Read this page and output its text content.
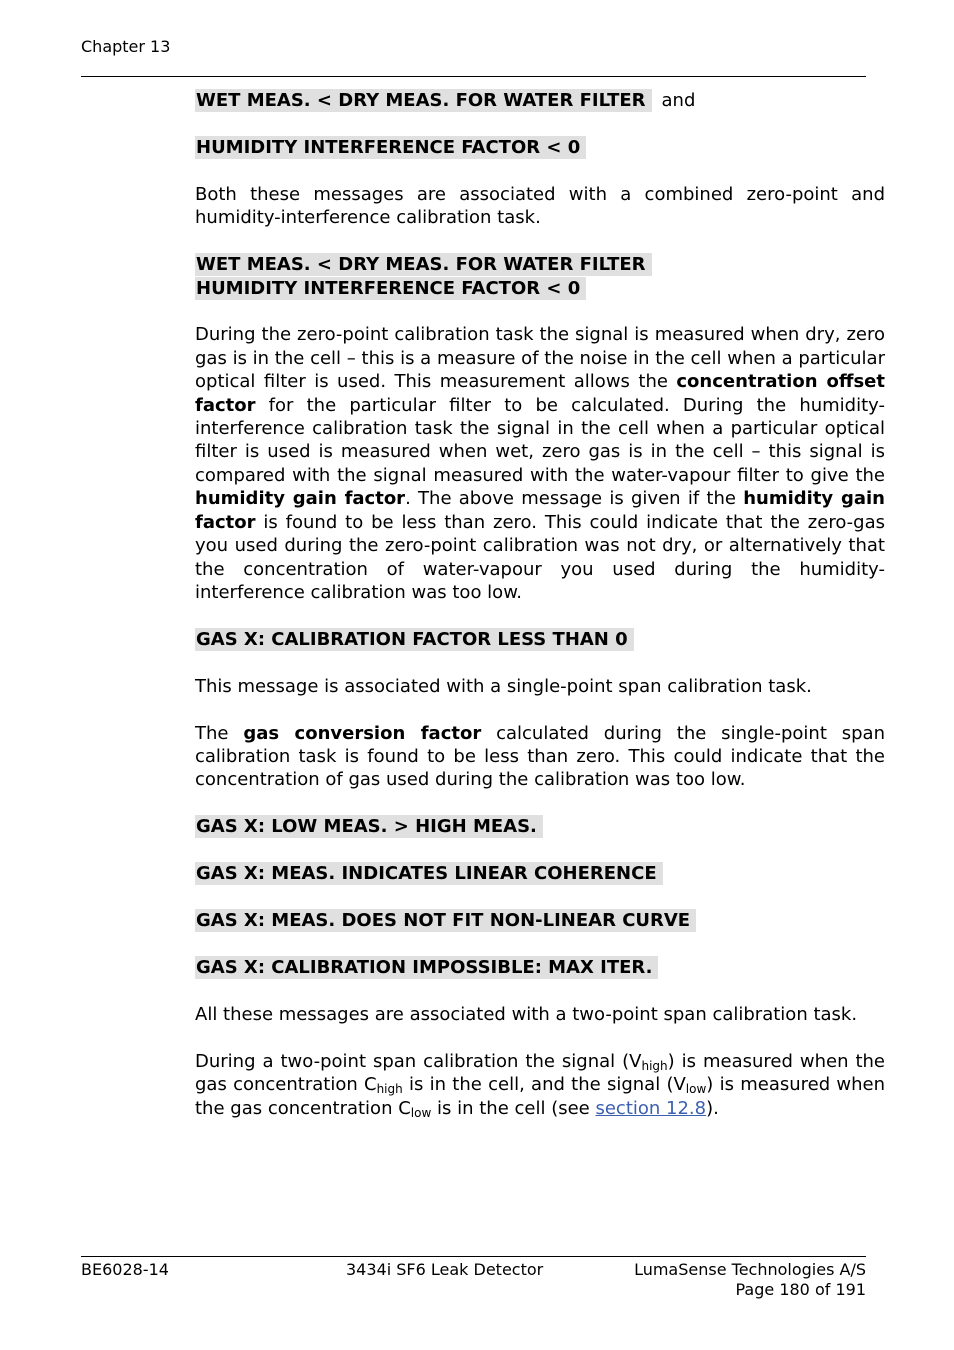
Chapter 13
WET MEAS. < DRY MEAS. FOR WATER FILTER and
HUMIDITY INTERFERENCE FACTOR < 0

Both these messages are associated with a combined zero-point and humidity-interference calibration task.

WET MEAS. < DRY MEAS. FOR WATER FILTER
HUMIDITY INTERFERENCE FACTOR < 0

During the zero-point calibration task the signal is measured when dry, zero gas is in the cell – this is a measure of the noise in the cell when a particular optical filter is used. This measurement allows the concentration offset factor for the particular filter to be calculated. During the humidity-interference calibration task the signal in the cell when a particular optical filter is used is measured when wet, zero gas is in the cell – this signal is compared with the signal measured with the water-vapour filter to give the humidity gain factor. The above message is given if the humidity gain factor is found to be less than zero. This could indicate that the zero-gas you used during the zero-point calibration was not dry, or alternatively that the concentration of water-vapour you used during the humidity-interference calibration was too low.

GAS X: CALIBRATION FACTOR LESS THAN 0

This message is associated with a single-point span calibration task.

The gas conversion factor calculated during the single-point span calibration task is found to be less than zero. This could indicate that the concentration of gas used during the calibration was too low.

GAS X: LOW MEAS. > HIGH MEAS.
GAS X: MEAS. INDICATES LINEAR COHERENCE
GAS X: MEAS. DOES NOT FIT NON-LINEAR CURVE
GAS X: CALIBRATION IMPOSSIBLE: MAX ITER.

All these messages are associated with a two-point span calibration task.

During a two-point span calibration the signal $(V_{high})$ is measured when the gas concentration $C_{high}$ is in the cell, and the signal $(V_{low})$ is measured when the gas concentration $C_{low}$ is in the cell (see section 12.8).

BE6028-14	3434i SF6 Leak Detector	LumaSense Technologies A/S
Page 180 of 191
